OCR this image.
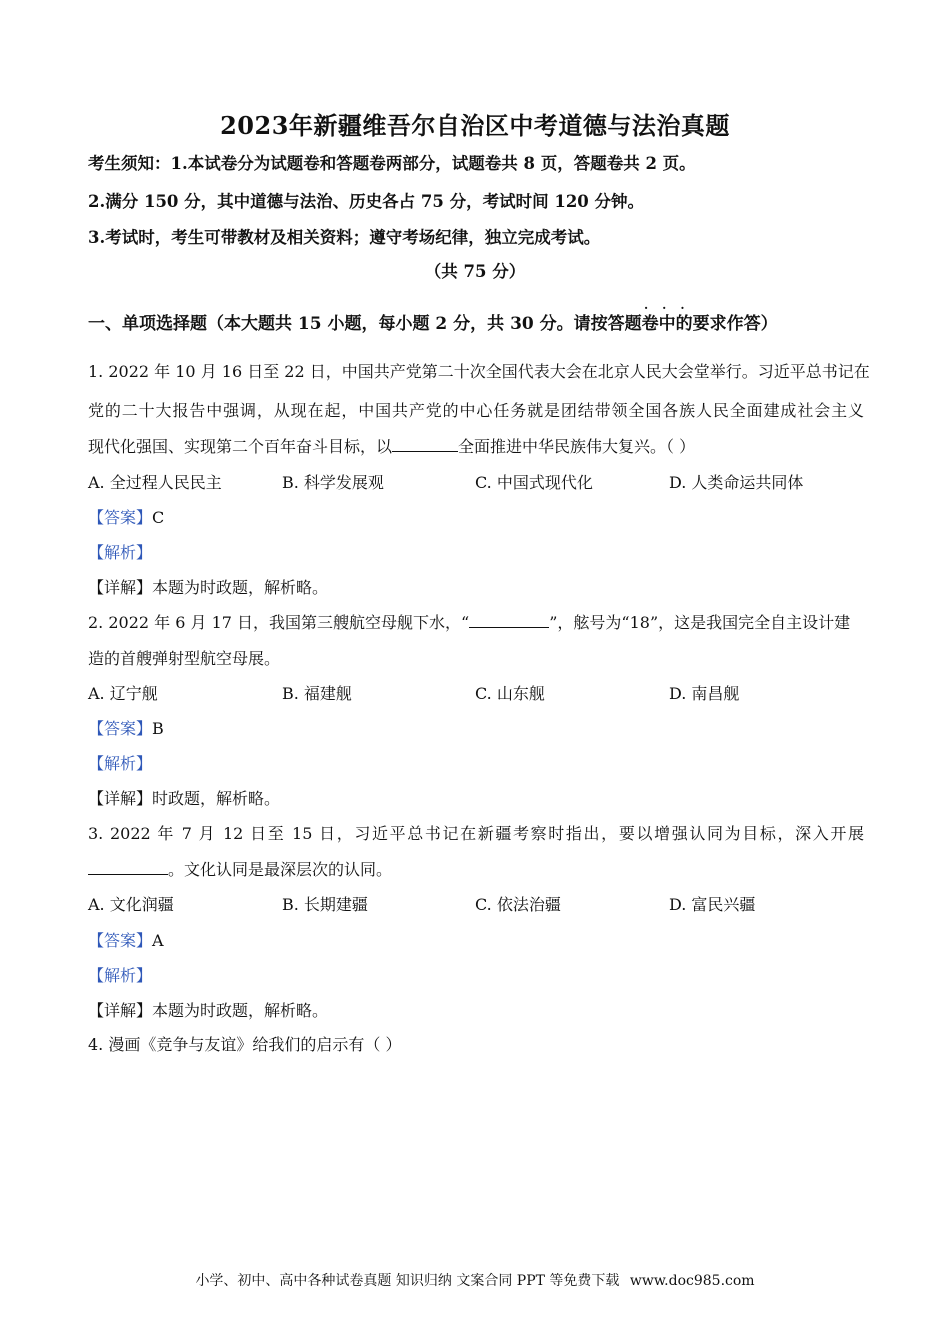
2023年新疆维吾尔自治区中考道德与法治真题
考生须知：1.本试卷分为试题卷和答题卷两部分，试题卷共 8 页，答题卷共 2 页。
2.满分 150 分，其中道德与法治、历史各占 75 分，考试时间 120 分钟。
3.考试时，考生可带教材及相关资料；遵守考场纪律，独立完成考试。
（共 75 分）
···
一、单项选择题（本大题共 15 小题，每小题 2 分，共 30 分。请按答题卷中的要求作答）
1. 2022 年 10 月 16 日至 22 日，中国共产党第二十次全国代表大会在北京人民大会堂举行。习近平总书记在
党的二十大报告中强调，从现在起，中国共产党的中心任务就是团结带领全国各族人民全面建成社会主义
现代化强国、实现第二个百年奋斗目标，以	全面推进中华民族伟大复兴。（ ）
A. 全过程人民民主	B. 科学发展观	C. 中国式现代化	D. 人类命运共同体
【答案】C
【解析】
【详解】本题为时政题，解析略。
2. 2022 年 6 月 17 日，我国第三艘航空母舰下水，“	”，舷号为“18”，这是我国完全自主设计建
造的首艘弹射型航空母展。
A. 辽宁舰	B. 福建舰	C. 山东舰	D. 南昌舰
【答案】B
【解析】
【详解】时政题，解析略。
3. 2022 年 7 月 12 日至 15 日，习近平总书记在新疆考察时指出，要以增强认同为目标，深入开展
。文化认同是最深层次的认同。
A. 文化润疆	B. 长期建疆	C. 依法治疆	D. 富民兴疆
【答案】A
【解析】
【详解】本题为时政题，解析略。
4. 漫画《竞争与友谊》给我们的启示有（ ）
小学、初中、高中各种试卷真题 知识归纳 文案合同 PPT 等免费下载 www.doc985.com
